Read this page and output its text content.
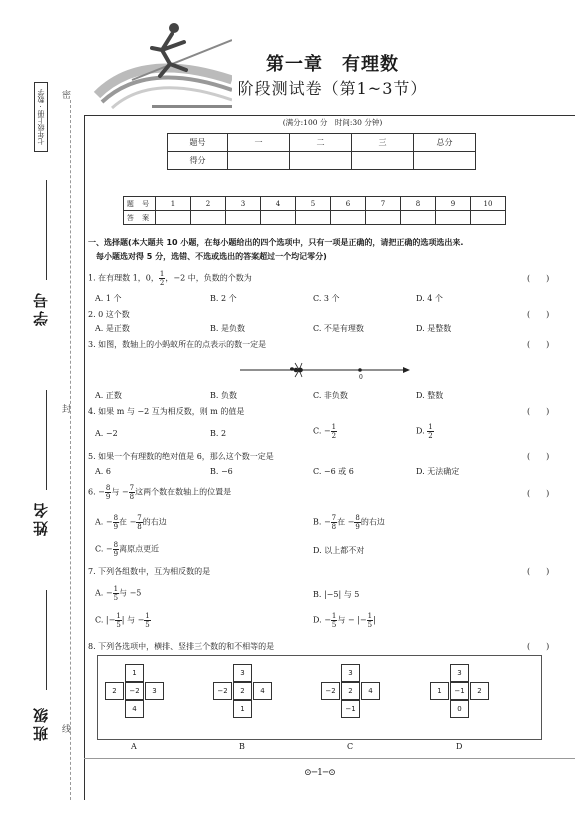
七年级上册 · 数学
学号
姓名
班级
密
封
线
第一章　有理数
阶段测试卷（第1~3节）
(满分:100 分　时间:30 分钟)
题号	一	二	三	总分
得分				
题 号	1	2	3	4	5	6	7	8	9	10
答 案										
一、选择题(本大题共 10 小题，在每小题给出的四个选项中，只有一项是正确的，请把正确的选项选出来.
每小题选对得 5 分，选错、不选或选出的答案超过一个均记零分)
1. 在有理数 1，0， $\frac{1}{2}$ ，−2 中，负数的个数为	(　　)
A. 1 个	B. 2 个	C. 3 个	D. 4 个
2. 0 这个数	(　　)
A. 是正数	B. 是负数	C. 不是有理数	D. 是整数
3. 如图，数轴上的小蚂蚁所在的点表示的数一定是	(　　)
0
A. 正数	B. 负数	C. 非负数	D. 整数
4. 如果 m 与 −2 互为相反数，则 m 的值是	(　　)
A. −2	B. 2	C. − $\frac{1}{2}$	D. $\frac{1}{2}$
5. 如果一个有理数的绝对值是 6，那么这个数一定是	(　　)
A. 6	B. −6	C. −6 或 6	D. 无法确定
6. − $\frac{8}{9}$ 与 − $\frac{7}{8}$ 这两个数在数轴上的位置是	(　　)
A. − $\frac{8}{9}$ 在 − $\frac{7}{8}$ 的右边	B. − $\frac{7}{8}$ 在 − $\frac{8}{9}$ 的右边
C. − $\frac{8}{9}$ 离原点更近	D. 以上都不对
7. 下列各组数中，互为相反数的是	(　　)
A. − $\frac{1}{5}$ 与 −5	B. |−5| 与 5
C. |− $\frac{1}{5}$ | 与 − $\frac{1}{5}$	D. − $\frac{1}{5}$ 与 − |− $\frac{1}{5}$ |
8. 下列各选项中，横排、竖排三个数的和不相等的是	(　　)
1
2	−2	3
4
A
3
−2	2	4
1
B
3
−2	2	4
−1
C
3
1	−1	2
0
D
⊙─1─⊙
